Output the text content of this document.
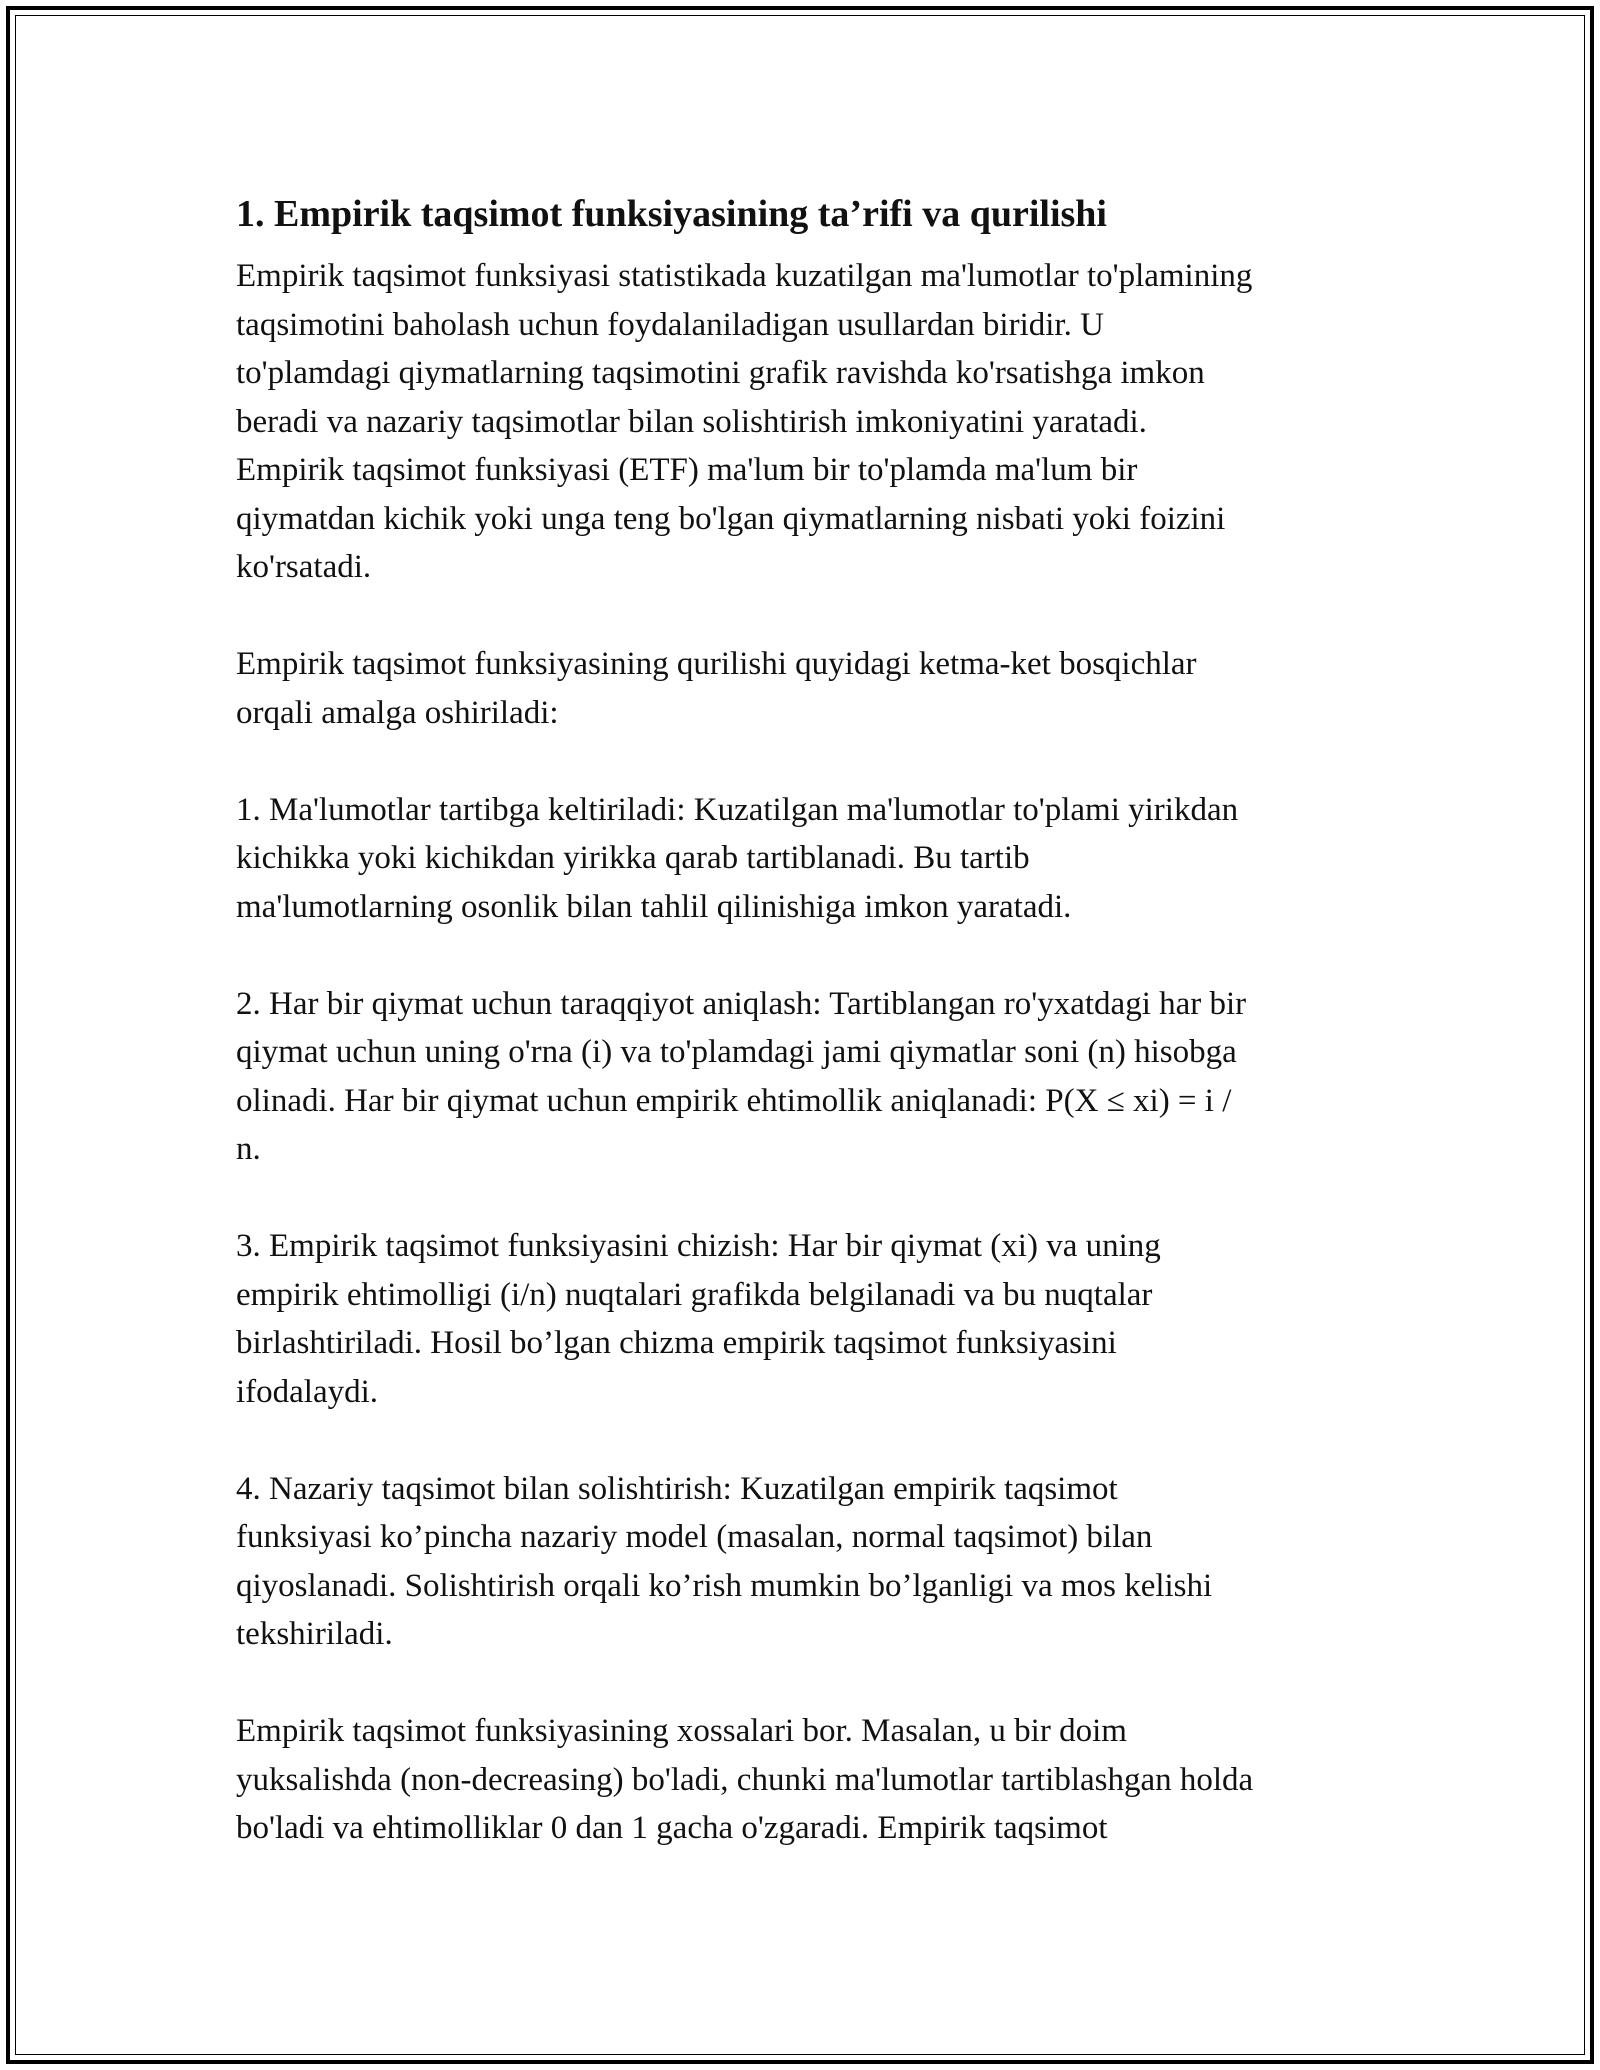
1. Empirik taqsimot funksiyasining ta’rifi va qurilishi
Empirik taqsimot funksiyasi statistikada kuzatilgan ma'lumotlar to'plamining
taqsimotini baholash uchun foydalaniladigan usullardan biridir. U
to'plamdagi qiymatlarning taqsimotini grafik ravishda ko'rsatishga imkon
beradi va nazariy taqsimotlar bilan solishtirish imkoniyatini yaratadi.
Empirik taqsimot funksiyasi (ETF) ma'lum bir to'plamda ma'lum bir
qiymatdan kichik yoki unga teng bo'lgan qiymatlarning nisbati yoki foizini
ko'rsatadi.
Empirik taqsimot funksiyasining qurilishi quyidagi ketma-ket bosqichlar
orqali amalga oshiriladi:
1. Ma'lumotlar tartibga keltiriladi: Kuzatilgan ma'lumotlar to'plami yirikdan
kichikka yoki kichikdan yirikka qarab tartiblanadi. Bu tartib
ma'lumotlarning osonlik bilan tahlil qilinishiga imkon yaratadi.
2. Har bir qiymat uchun taraqqiyot aniqlash: Tartiblangan ro'yxatdagi har bir
qiymat uchun uning o'rna (i) va to'plamdagi jami qiymatlar soni (n) hisobga
olinadi. Har bir qiymat uchun empirik ehtimollik aniqlanadi: P(X ≤ xi) = i /
n.
3. Empirik taqsimot funksiyasini chizish: Har bir qiymat (xi) va uning
empirik ehtimolligi (i/n) nuqtalari grafikda belgilanadi va bu nuqtalar
birlashtiriladi. Hosil bo’lgan chizma empirik taqsimot funksiyasini
ifodalaydi.
4. Nazariy taqsimot bilan solishtirish: Kuzatilgan empirik taqsimot
funksiyasi ko’pincha nazariy model (masalan, normal taqsimot) bilan
qiyoslanadi. Solishtirish orqali ko’rish mumkin bo’lganligi va mos kelishi
tekshiriladi.
Empirik taqsimot funksiyasining xossalari bor. Masalan, u bir doim
yuksalishda (non-decreasing) bo'ladi, chunki ma'lumotlar tartiblashgan holda
bo'ladi va ehtimolliklar 0 dan 1 gacha o'zgaradi. Empirik taqsimot
